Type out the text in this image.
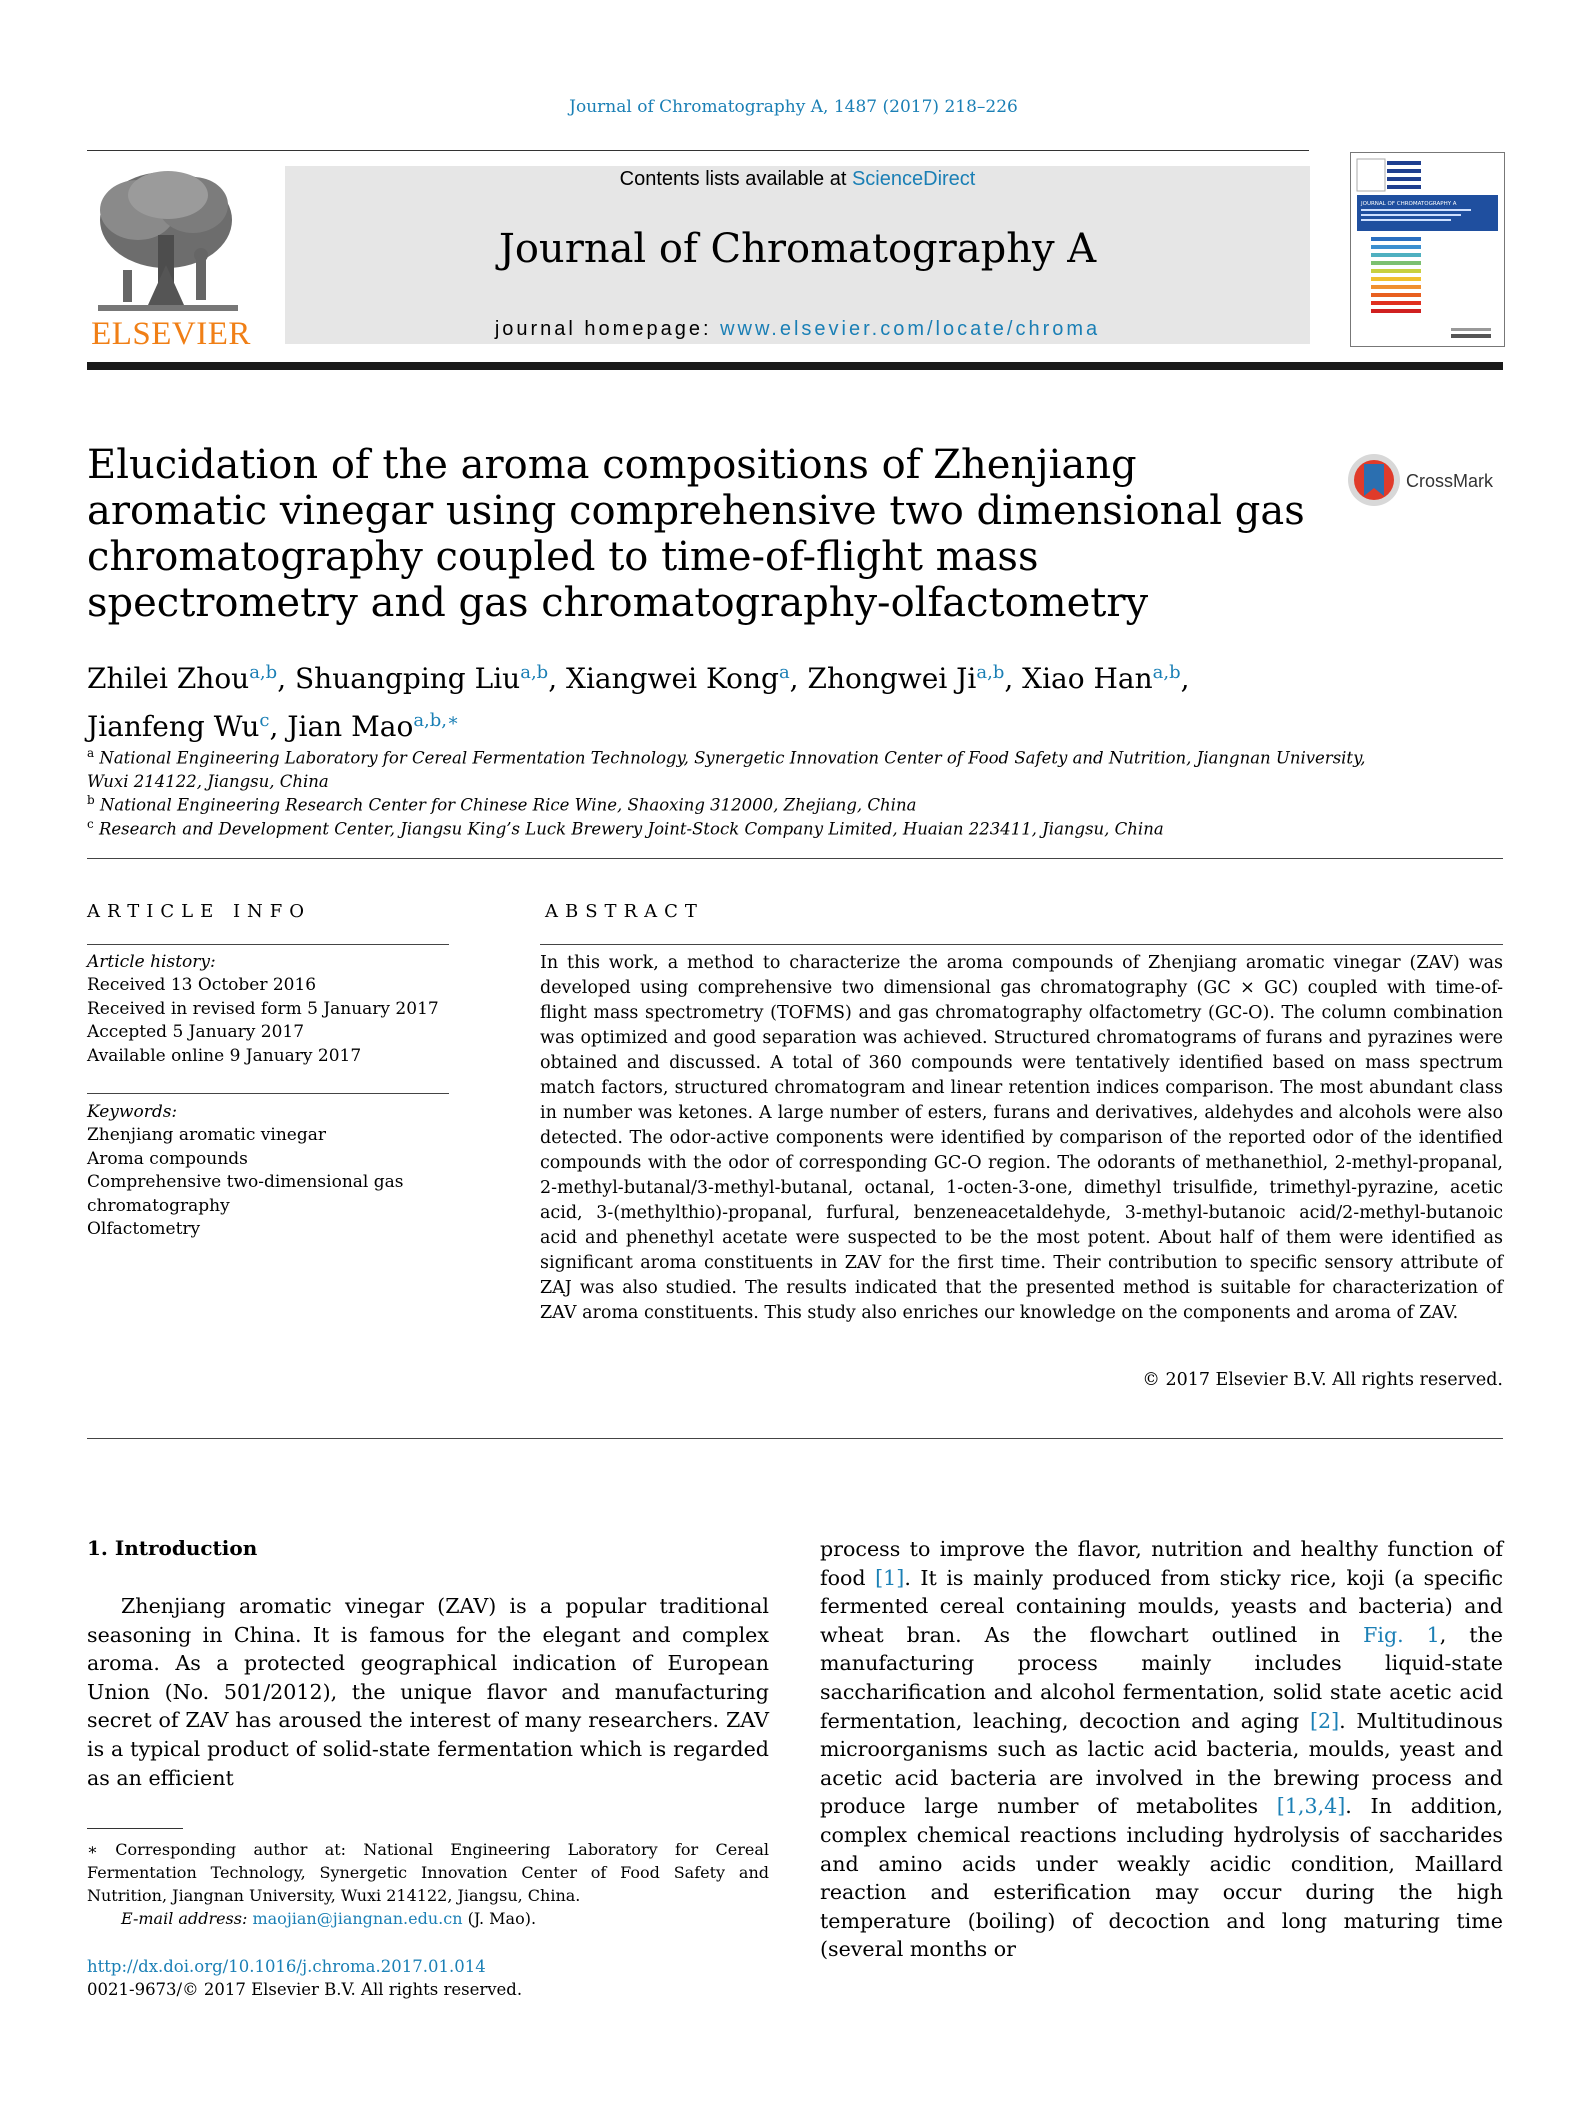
Journal of Chromatography A, 1487 (2017) 218–226
ELSEVIER
Contents lists available at ScienceDirect
Journal of Chromatography A
journal homepage: www.elsevier.com/locate/chroma
JOURNAL OF CHROMATOGRAPHY A
Elucidation of the aroma compositions of Zhenjiang aromatic vinegar using comprehensive two dimensional gas chromatography coupled to time-of-flight mass spectrometry and gas chromatography-olfactometry
CrossMark
Zhilei Zhou$^{a,b}$, Shuangping Liu$^{a,b}$, Xiangwei Kong$^a$, Zhongwei Ji$^{a,b}$, Xiao Han$^{a,b}$,
Jianfeng Wu$^c$, Jian Mao$^{a,b,∗}$
$^a$ National Engineering Laboratory for Cereal Fermentation Technology, Synergetic Innovation Center of Food Safety and Nutrition, Jiangnan University,
Wuxi 214122, Jiangsu, China
$^b$ National Engineering Research Center for Chinese Rice Wine, Shaoxing 312000, Zhejiang, China
$^c$ Research and Development Center, Jiangsu King’s Luck Brewery Joint-Stock Company Limited, Huaian 223411, Jiangsu, China
ARTICLE INFO	ABSTRACT
Article history:
Received 13 October 2016
Received in revised form 5 January 2017
Accepted 5 January 2017
Available online 9 January 2017
Keywords:
Zhenjiang aromatic vinegar
Aroma compounds
Comprehensive two-dimensional gas
chromatography
Olfactometry
In this work, a method to characterize the aroma compounds of Zhenjiang aromatic vinegar (ZAV) was developed using comprehensive two dimensional gas chromatography (GC × GC) coupled with time-of-flight mass spectrometry (TOFMS) and gas chromatography olfactometry (GC-O). The column combination was optimized and good separation was achieved. Structured chromatograms of furans and pyrazines were obtained and discussed. A total of 360 compounds were tentatively identified based on mass spectrum match factors, structured chromatogram and linear retention indices comparison. The most abundant class in number was ketones. A large number of esters, furans and derivatives, aldehydes and alcohols were also detected. The odor-active components were identified by comparison of the reported odor of the identified compounds with the odor of corresponding GC-O region. The odorants of methanethiol, 2-methyl-propanal, 2-methyl-butanal/3-methyl-butanal, octanal, 1-octen-3-one, dimethyl trisulfide, trimethyl-pyrazine, acetic acid, 3-(methylthio)-propanal, furfural, benzeneacetaldehyde, 3-methyl-butanoic acid/2-methyl-butanoic acid and phenethyl acetate were suspected to be the most potent. About half of them were identified as significant aroma constituents in ZAV for the first time. Their contribution to specific sensory attribute of ZAJ was also studied. The results indicated that the presented method is suitable for characterization of ZAV aroma constituents. This study also enriches our knowledge on the components and aroma of ZAV.
© 2017 Elsevier B.V. All rights reserved.
1. Introduction
Zhenjiang aromatic vinegar (ZAV) is a popular traditional seasoning in China. It is famous for the elegant and complex aroma. As a protected geographical indication of European Union (No. 501/2012), the unique flavor and manufacturing secret of ZAV has aroused the interest of many researchers. ZAV is a typical product of solid-state fermentation which is regarded as an efficient
process to improve the flavor, nutrition and healthy function of food [1]. It is mainly produced from sticky rice, koji (a specific fermented cereal containing moulds, yeasts and bacteria) and wheat bran. As the flowchart outlined in Fig. 1, the manufacturing process mainly includes liquid-state saccharification and alcohol fermentation, solid state acetic acid fermentation, leaching, decoction and aging [2]. Multitudinous microorganisms such as lactic acid bacteria, moulds, yeast and acetic acid bacteria are involved in the brewing process and produce large number of metabolites [1,3,4]. In addition, complex chemical reactions including hydrolysis of saccharides and amino acids under weakly acidic condition, Maillard reaction and esterification may occur during the high temperature (boiling) of decoction and long maturing time (several months or
∗ Corresponding author at: National Engineering Laboratory for Cereal Fermentation Technology, Synergetic Innovation Center of Food Safety and Nutrition, Jiangnan University, Wuxi 214122, Jiangsu, China.
E-mail address: maojian@jiangnan.edu.cn (J. Mao).
http://dx.doi.org/10.1016/j.chroma.2017.01.014
0021-9673/© 2017 Elsevier B.V. All rights reserved.
